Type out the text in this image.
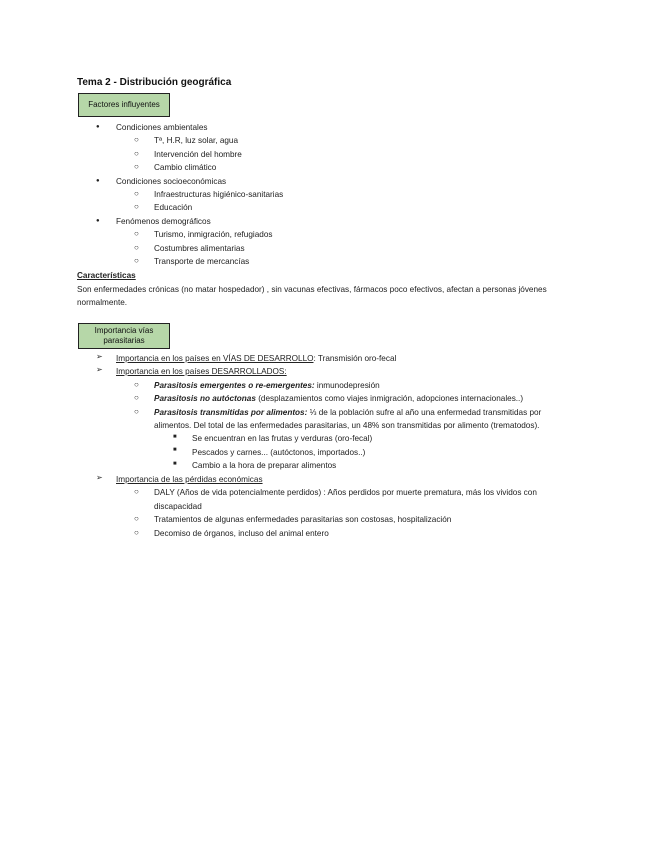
Tema 2 - Distribución geográfica
Factores influyentes
● Condiciones ambientales
○ Tª, H.R, luz solar, agua
○ Intervención del hombre
○ Cambio climático
● Condiciones socioeconómicas
○ Infraestructuras higiénico-sanitarias
○ Educación
● Fenómenos demográficos
○ Turismo, inmigración, refugiados
○ Costumbres alimentarias
○ Transporte de mercancías
Características
Son enfermedades crónicas (no matar hospedador) , sin vacunas efectivas, fármacos poco efectivos, afectan a personas jóvenes
normalmente.
Importancia vías parasitarias
➢ Importancia en los países en VÍAS DE DESARROLLO: Transmisión oro-fecal
➢ Importancia en los países DESARROLLADOS:
○ Parasitosis emergentes o re-emergentes: inmunodepresión
○ Parasitosis no autóctonas (desplazamientos como viajes inmigración, adopciones internacionales..)
○ Parasitosis transmitidas por alimentos: ⅓ de la población sufre al año una enfermedad transmitidas por
alimentos. Del total de las enfermedades parasitarias, un 48% son transmitidas por alimento (trematodos).
■ Se encuentran en las frutas y verduras (oro-fecal)
■ Pescados y carnes... (autóctonos, importados..)
■ Cambio a la hora de preparar alimentos
➢ Importancia de las pérdidas económicas
○ DALY (Años de vida potencialmente perdidos) : Años perdidos por muerte prematura, más los vividos con
discapacidad
○ Tratamientos de algunas enfermedades parasitarias son costosas, hospitalización
○ Decomiso de órganos, incluso del animal entero
